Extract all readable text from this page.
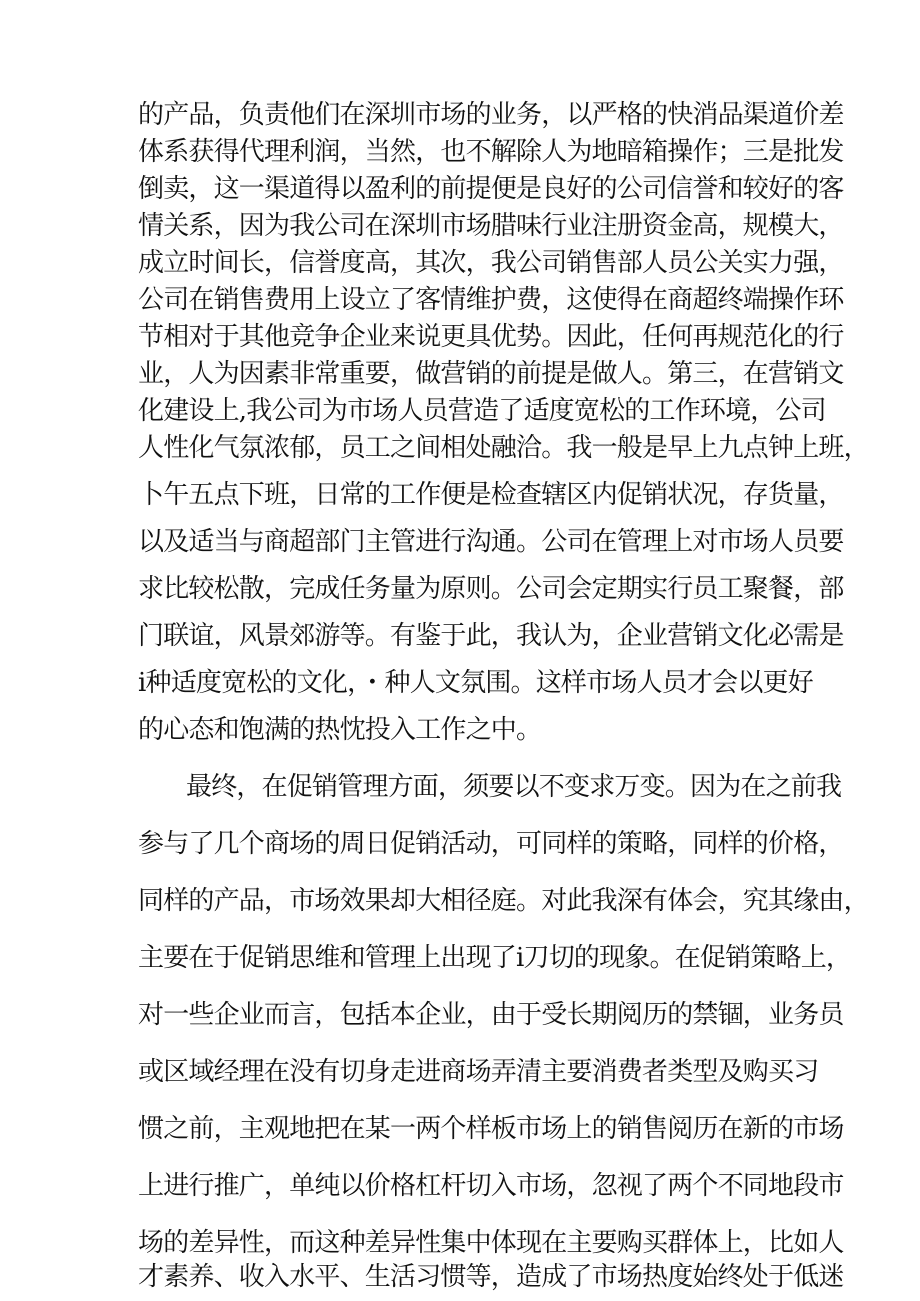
的产品，负责他们在深圳市场的业务，以严格的快消品渠道价差
体系获得代理利润，当然，也不解除人为地暗箱操作；三是批发
倒卖，这一渠道得以盈利的前提便是良好的公司信誉和较好的客
情关系，因为我公司在深圳市场腊味行业注册资金高，规模大，
成立时间长，信誉度高，其次，我公司销售部人员公关实力强，
公司在销售费用上设立了客情维护费，这使得在商超终端操作环
节相对于其他竞争企业来说更具优势。因此，任何再规范化的行
业，人为因素非常重要，做营销的前提是做人。第三，在营销文
化建设上,我公司为市场人员营造了适度宽松的工作环境，公司
人性化气氛浓郁，员工之间相处融洽。我一般是早上九点钟上班，
卜午五点下班，日常的工作便是检查辖区内促销状况，存货量，
以及适当与商超部门主管进行沟通。公司在管理上对市场人员要
求比较松散，完成任务量为原则。公司会定期实行员工聚餐，部
门联谊，风景郊游等。有鉴于此，我认为，企业营销文化必需是
i种适度宽松的文化，・种人文氛围。这样市场人员才会以更好
的心态和饱满的热忱投入工作之中。
最终，在促销管理方面，须要以不变求万变。因为在之前我
参与了几个商场的周日促销活动，可同样的策略，同样的价格，
同样的产品，市场效果却大相径庭。对此我深有体会，究其缘由，
主要在于促销思维和管理上出现了i刀切的现象。在促销策略上，
对一些企业而言，包括本企业，由于受长期阅历的禁锢，业务员
或区域经理在没有切身走进商场弄清主要消费者类型及购买习
惯之前，主观地把在某一两个样板市场上的销售阅历在新的市场
上进行推广，单纯以价格杠杆切入市场，忽视了两个不同地段市
场的差异性，而这种差异性集中体现在主要购买群体上，比如人
才素养、收入水平、生活习惯等，造成了市场热度始终处于低迷
